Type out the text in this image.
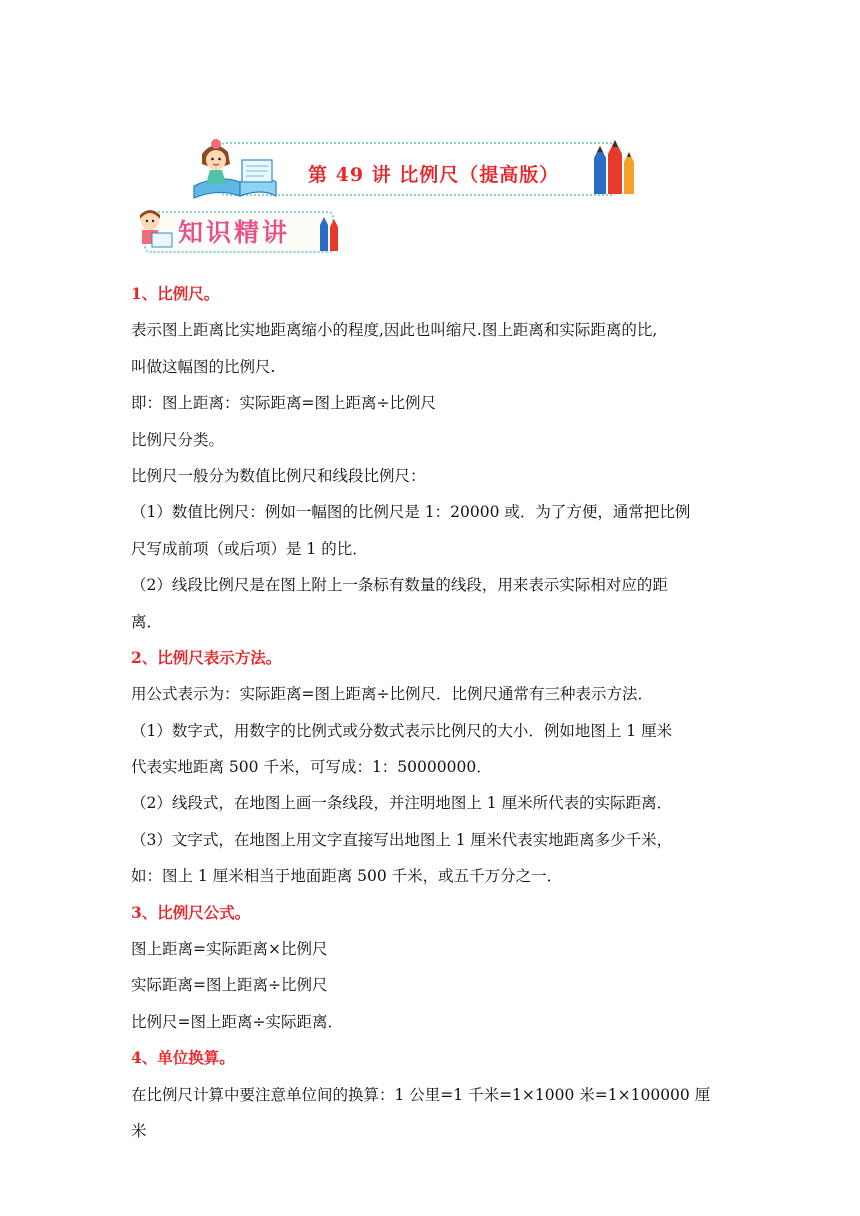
第 49 讲 比例尺（提高版）
知识精讲
1、比例尺。
表示图上距离比实地距离缩小的程度,因此也叫缩尺.图上距离和实际距离的比,
叫做这幅图的比例尺.
即：图上距离：实际距离=图上距离÷比例尺
比例尺分类。
比例尺一般分为数值比例尺和线段比例尺：
（1）数值比例尺：例如一幅图的比例尺是 1：20000 或．为了方便，通常把比例
尺写成前项（或后项）是 1 的比．
（2）线段比例尺是在图上附上一条标有数量的线段，用来表示实际相对应的距
离．
2、比例尺表示方法。
用公式表示为：实际距离=图上距离÷比例尺．比例尺通常有三种表示方法．
（1）数字式，用数字的比例式或分数式表示比例尺的大小．例如地图上 1 厘米
代表实地距离 500 千米，可写成：1：50000000．
（2）线段式，在地图上画一条线段，并注明地图上 1 厘米所代表的实际距离．
（3）文字式，在地图上用文字直接写出地图上 1 厘米代表实地距离多少千米，
如：图上 1 厘米相当于地面距离 500 千米，或五千万分之一．
3、比例尺公式。
图上距离=实际距离×比例尺
实际距离=图上距离÷比例尺
比例尺=图上距离÷实际距离．
4、单位换算。
在比例尺计算中要注意单位间的换算：1 公里=1 千米=1×1000 米=1×100000 厘
米
